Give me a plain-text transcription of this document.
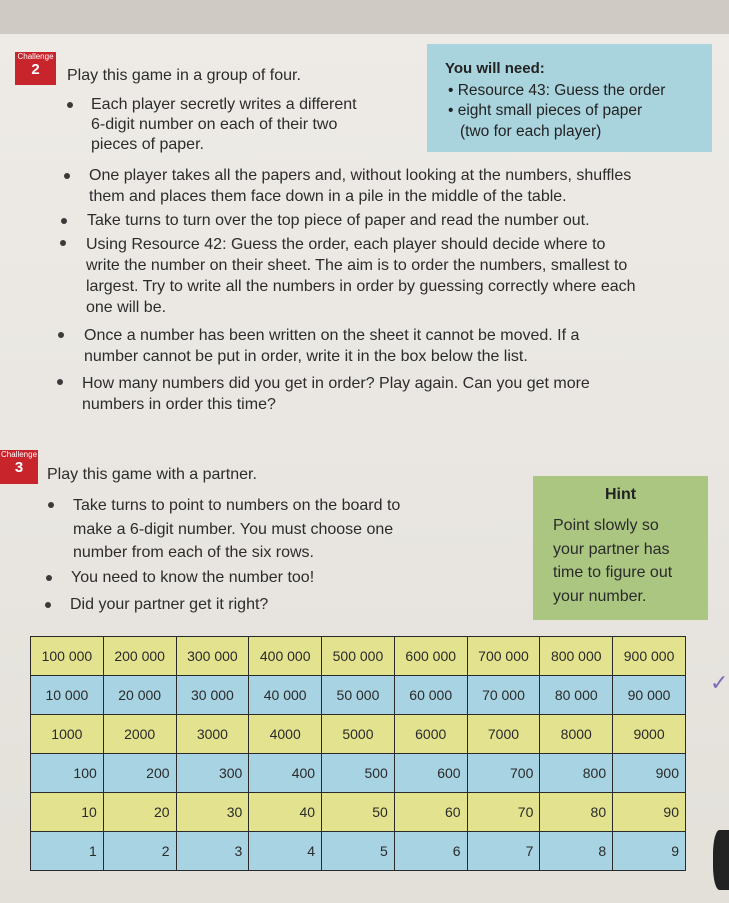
Challenge
2	Play this game in a group of four.
Each player secretly writes a different
6-digit number on each of their two
pieces of paper.
One player takes all the papers and, without looking at the numbers, shuffles
them and places them face down in a pile in the middle of the table.
Take turns to turn over the top piece of paper and read the number out.
Using Resource 42: Guess the order, each player should decide where to
write the number on their sheet. The aim is to order the numbers, smallest to
largest. Try to write all the numbers in order by guessing correctly where each
one will be.
Once a number has been written on the sheet it cannot be moved. If a
number cannot be put in order, write it in the box below the list.
How many numbers did you get in order? Play again. Can you get more
numbers in order this time?
You will need:
• Resource 43: Guess the order
• eight small pieces of paper
(two for each player)
Challenge
3	Play this game with a partner.
Take turns to point to numbers on the board to
make a 6-digit number. You must choose one
number from each of the six rows.
You need to know the number too!
Did your partner get it right?
Hint
Point slowly so
your partner has
time to figure out
your number.
100 000	200 000	300 000	400 000	500 000	600 000	700 000	800 000	900 000
10 000	20 000	30 000	40 000	50 000	60 000	70 000	80 000	90 000
1000	2000	3000	4000	5000	6000	7000	8000	9000
100	200	300	400	500	600	700	800	900
10	20	30	40	50	60	70	80	90
1	2	3	4	5	6	7	8	9
✓
